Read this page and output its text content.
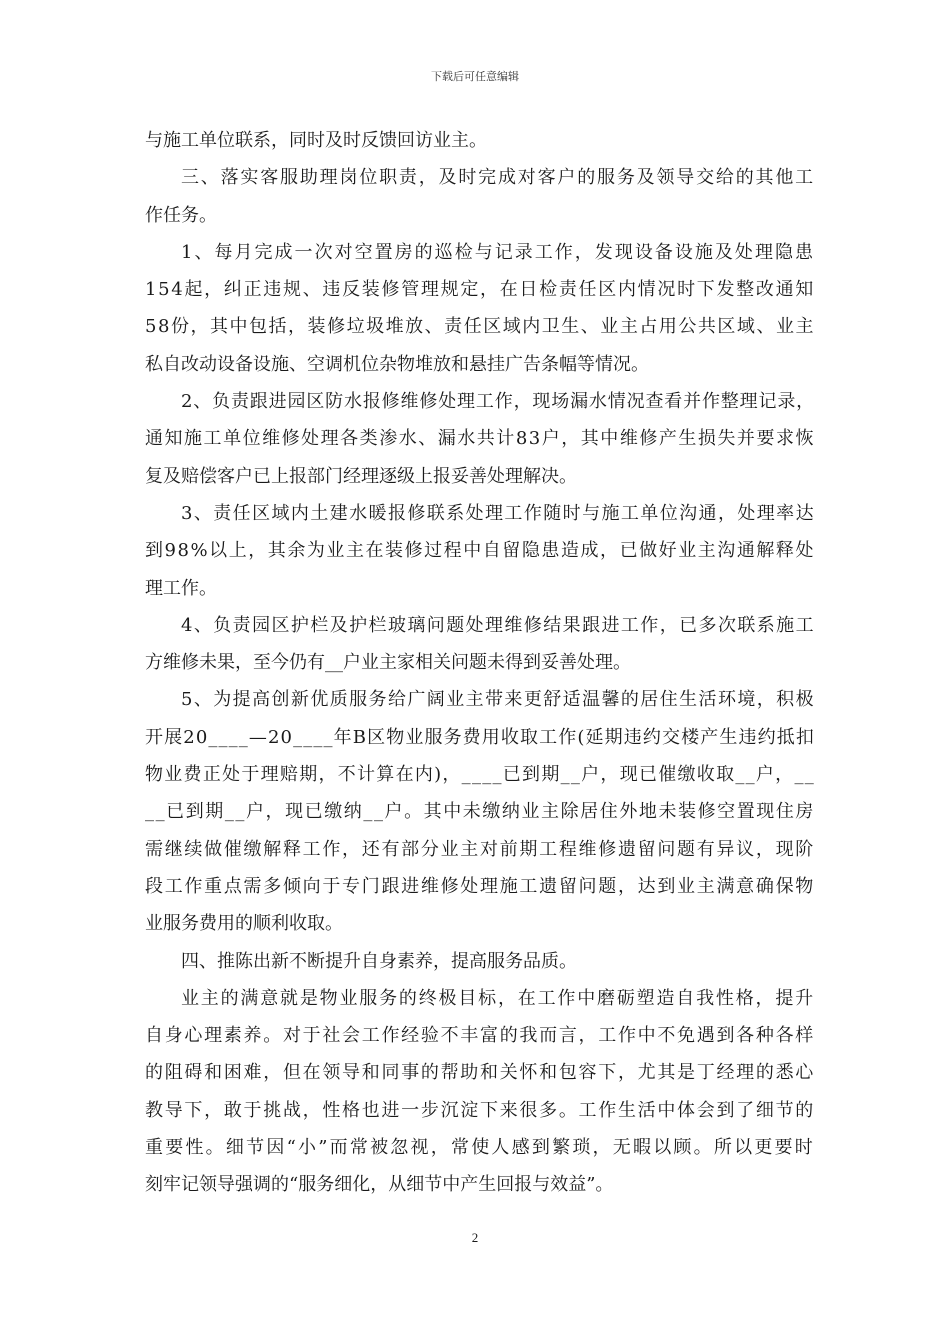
下载后可任意编辑
与施工单位联系，同时及时反馈回访业主。
三、落实客服助理岗位职责，及时完成对客户的服务及领导交给的其他工
作任务。
1、每月完成一次对空置房的巡检与记录工作，发现设备设施及处理隐患
154起，纠正违规、违反装修管理规定，在日检责任区内情况时下发整改通知
58份，其中包括，装修垃圾堆放、责任区域内卫生、业主占用公共区域、业主
私自改动设备设施、空调机位杂物堆放和悬挂广告条幅等情况。
2、负责跟进园区防水报修维修处理工作，现场漏水情况查看并作整理记录，
通知施工单位维修处理各类渗水、漏水共计83户，其中维修产生损失并要求恢
复及赔偿客户已上报部门经理逐级上报妥善处理解决。
3、责任区域内土建水暖报修联系处理工作随时与施工单位沟通，处理率达
到98%以上，其余为业主在装修过程中自留隐患造成，已做好业主沟通解释处
理工作。
4、负责园区护栏及护栏玻璃问题处理维修结果跟进工作，已多次联系施工
方维修未果，至今仍有__户业主家相关问题未得到妥善处理。
5、为提高创新优质服务给广阔业主带来更舒适温馨的居住生活环境，积极
开展20____—20____年B区物业服务费用收取工作(延期违约交楼产生违约抵扣
物业费正处于理赔期，不计算在内)，____已到期__户，现已催缴收取__户，__
__已到期__户，现已缴纳__户。其中未缴纳业主除居住外地未装修空置现住房
需继续做催缴解释工作，还有部分业主对前期工程维修遗留问题有异议，现阶
段工作重点需多倾向于专门跟进维修处理施工遗留问题，达到业主满意确保物
业服务费用的顺利收取。
四、推陈出新不断提升自身素养，提高服务品质。
业主的满意就是物业服务的终极目标，在工作中磨砺塑造自我性格，提升
自身心理素养。对于社会工作经验不丰富的我而言，工作中不免遇到各种各样
的阻碍和困难，但在领导和同事的帮助和关怀和包容下，尤其是丁经理的悉心
教导下，敢于挑战，性格也进一步沉淀下来很多。工作生活中体会到了细节的
重要性。细节因“小”而常被忽视，常使人感到繁琐，无暇以顾。所以更要时
刻牢记领导强调的“服务细化，从细节中产生回报与效益”。
2
